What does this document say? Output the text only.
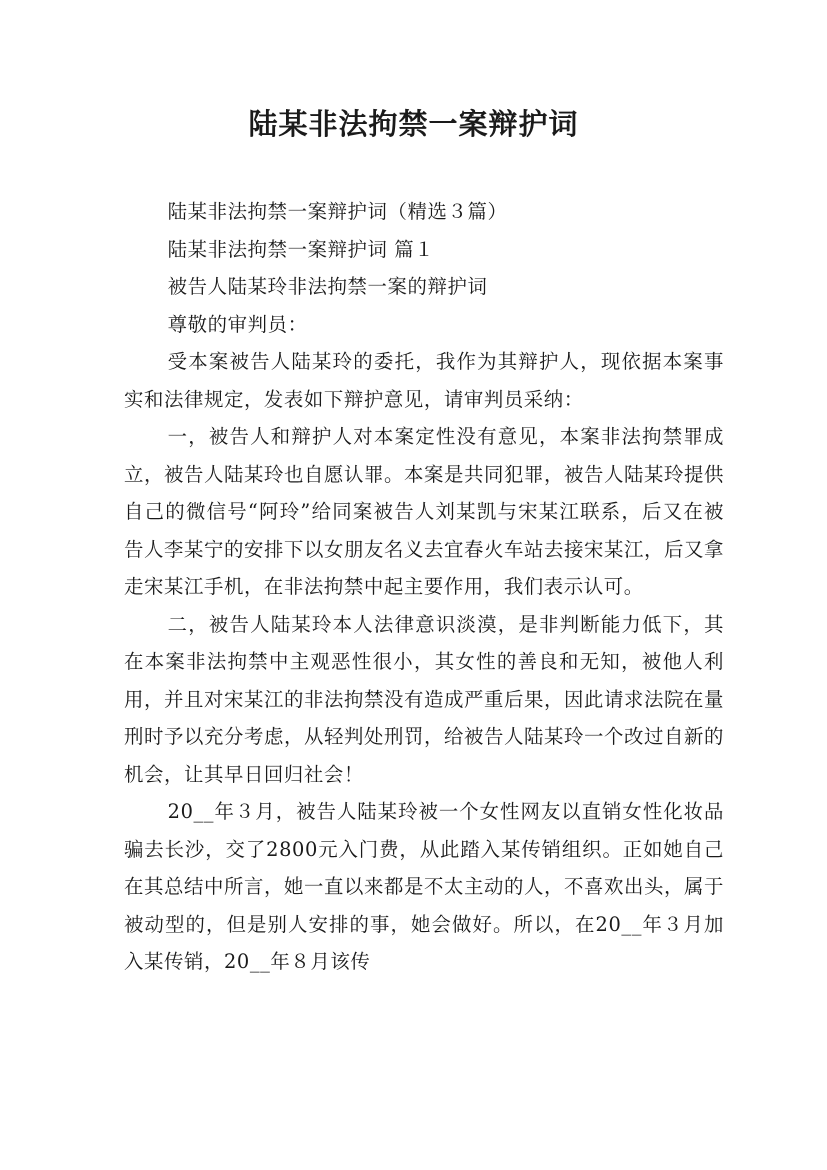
陆某非法拘禁一案辩护词

陆某非法拘禁一案辩护词（精选３篇）

陆某非法拘禁一案辩护词 篇１

被告人陆某玲非法拘禁一案的辩护词

尊敬的审判员：

受本案被告人陆某玲的委托，我作为其辩护人，现依据本案事实和法律规定，发表如下辩护意见，请审判员采纳：

一，被告人和辩护人对本案定性没有意见，本案非法拘禁罪成立，被告人陆某玲也自愿认罪。本案是共同犯罪，被告人陆某玲提供自己的微信号“阿玲”给同案被告人刘某凯与宋某江联系，后又在被告人李某宁的安排下以女朋友名义去宜春火车站去接宋某江，后又拿走宋某江手机，在非法拘禁中起主要作用，我们表示认可。

二，被告人陆某玲本人法律意识淡漠，是非判断能力低下，其在本案非法拘禁中主观恶性很小，其女性的善良和无知，被他人利用，并且对宋某江的非法拘禁没有造成严重后果，因此请求法院在量刑时予以充分考虑，从轻判处刑罚，给被告人陆某玲一个改过自新的机会，让其早日回归社会！

20__年３月，被告人陆某玲被一个女性网友以直销女性化妆品骗去长沙，交了2800元入门费，从此踏入某传销组织。正如她自己在其总结中所言，她一直以来都是不太主动的人，不喜欢出头，属于被动型的，但是别人安排的事，她会做好。所以，在20__年３月加入某传销，20__年８月该传
